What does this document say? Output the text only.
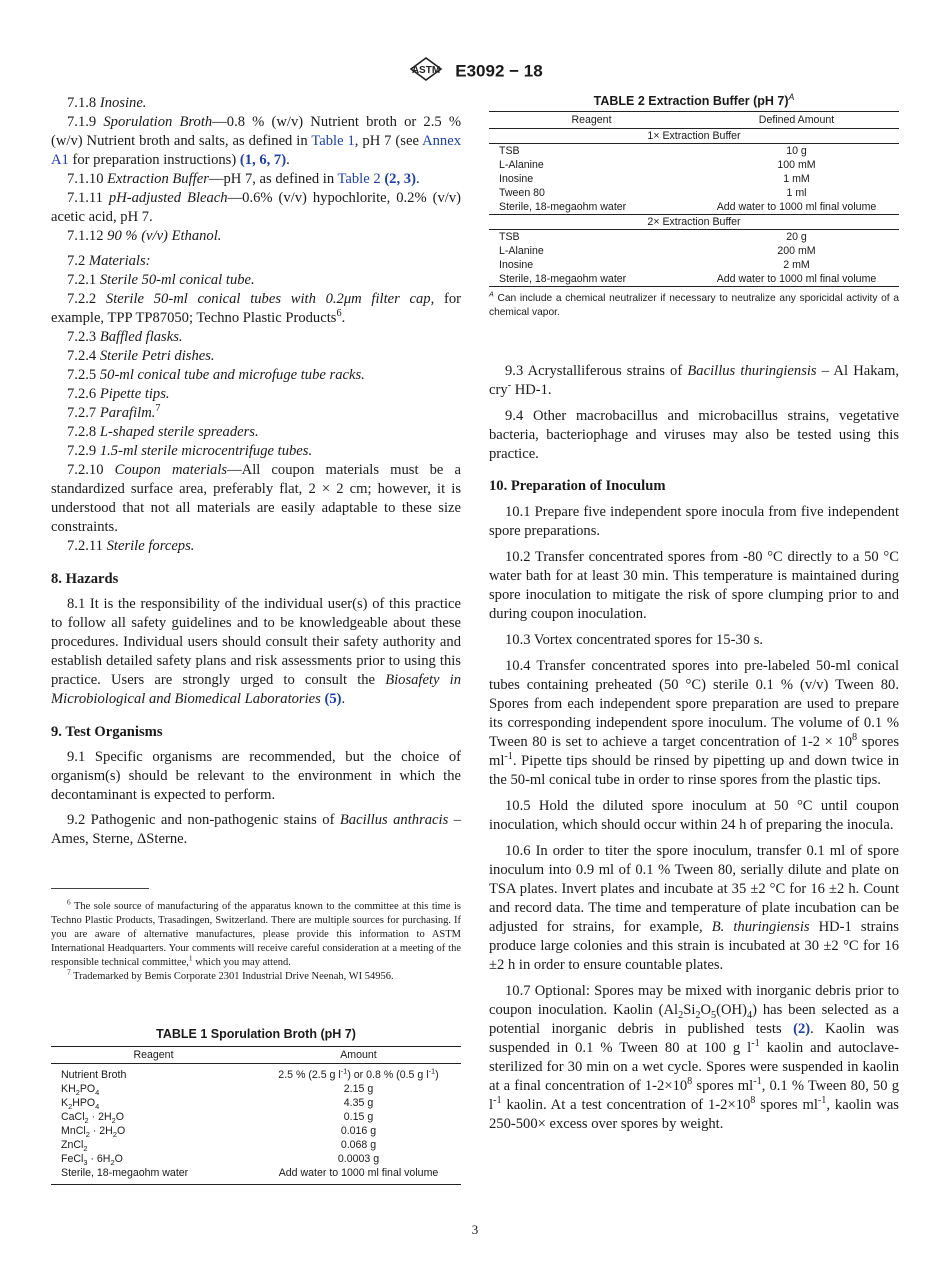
ASTM E3092 − 18

7.1.8 Inosine.

7.1.9 Sporulation Broth—0.8 % (w/v) Nutrient broth or 2.5 % (w/v) Nutrient broth and salts, as defined in Table 1, pH 7 (see Annex A1 for preparation instructions) (1, 6, 7).

7.1.10 Extraction Buffer—pH 7, as defined in Table 2 (2, 3).

7.1.11 pH-adjusted Bleach—0.6% (v/v) hypochlorite, 0.2% (v/v) acetic acid, pH 7.

7.1.12 90 % (v/v) Ethanol.

7.2 Materials:

7.2.1 Sterile 50-ml conical tube.

7.2.2 Sterile 50-ml conical tubes with 0.2μm filter cap, for example, TPP TP87050; Techno Plastic Products$^6$.

7.2.3 Baffled flasks.

7.2.4 Sterile Petri dishes.

7.2.5 50-ml conical tube and microfuge tube racks.

7.2.6 Pipette tips.

7.2.7 Parafilm.$^7$

7.2.8 L-shaped sterile spreaders.

7.2.9 1.5-ml sterile microcentrifuge tubes.

7.2.10 Coupon materials—All coupon materials must be a standardized surface area, preferably flat, 2 × 2 cm; however, it is understood that not all materials are easily adaptable to these size constraints.

7.2.11 Sterile forceps.

8. Hazards

8.1 It is the responsibility of the individual user(s) of this practice to follow all safety guidelines and to be knowledgeable about these procedures. Individual users should consult their safety authority and establish detailed safety plans and risk assessments prior to using this practice. Users are strongly urged to consult the Biosafety in Microbiological and Biomedical Laboratories (5).

9. Test Organisms

9.1 Specific organisms are recommended, but the choice of organism(s) should be relevant to the environment in which the decontaminant is expected to perform.

9.2 Pathogenic and non-pathogenic stains of Bacillus anthracis – Ames, Sterne, ΔSterne.

$^6$ The sole source of manufacturing of the apparatus known to the committee at this time is Techno Plastic Products, Trasadingen, Switzerland. There are multiple sources for purchasing. If you are aware of alternative manufactures, please provide this information to ASTM International Headquarters. Your comments will receive careful consideration at a meeting of the responsible technical committee,$^1$ which you may attend.

$^7$ Trademarked by Bemis Corporate 2301 Industrial Drive Neenah, WI 54956.

TABLE 1 Sporulation Broth (pH 7)
Reagent	Amount
Nutrient Broth	2.5 % (2.5 g $l^{-1}$) or 0.8 % (0.5 g $l^{-1}$)
$KH_2PO_4$	2.15 g
$K_2HPO_4$	4.35 g
CaCl$_2$ · $2H_2O$	0.15 g
MnCl$_2$ · $2H_2O$	0.016 g
ZnCl$_2$	0.068 g
FeCl$_3$ · $6H_2O$	0.0003 g
Sterile, 18-megaohm water	Add water to 1000 ml final volume

TABLE 2 Extraction Buffer (pH 7)$^A$
Reagent	Defined Amount
1× Extraction Buffer	
TSB	10 g
L-Alanine	100 mM
Inosine	1 mM
Tween 80	1 ml
Sterile, 18-megaohm water	Add water to 1000 ml final volume
2× Extraction Buffer	
TSB	20 g
L-Alanine	200 mM
Inosine	2 mM
Sterile, 18-megaohm water	Add water to 1000 ml final volume
$^A$ Can include a chemical neutralizer if necessary to neutralize any sporicidal activity of a chemical vapor.

9.3 Acrystalliferous strains of Bacillus thuringiensis – Al Hakam, cry- HD-1.

9.4 Other macrobacillus and microbacillus strains, vegetative bacteria, bacteriophage and viruses may also be tested using this practice.

10. Preparation of Inoculum

10.1 Prepare five independent spore inocula from five independent spore preparations.

10.2 Transfer concentrated spores from -80 °C directly to a 50 °C water bath for at least 30 min. This temperature is maintained during spore inoculation to mitigate the risk of spore clumping prior to and during coupon inoculation.

10.3 Vortex concentrated spores for 15-30 s.

10.4 Transfer concentrated spores into pre-labeled 50-ml conical tubes containing preheated (50 °C) sterile 0.1 % (v/v) Tween 80. Spores from each independent spore preparation are used to prepare its corresponding independent spore inoculum. The volume of 0.1 % Tween 80 is set to achieve a target concentration of $1-2 \times 10^8$ spores $ml^{-1}$. Pipette tips should be rinsed by pipetting up and down twice in the 50-ml conical tube in order to rinse spores from the plastic tips.

10.5 Hold the diluted spore inoculum at 50 °C until coupon inoculation, which should occur within 24 h of preparing the inocula.

10.6 In order to titer the spore inoculum, transfer 0.1 ml of spore inoculum into 0.9 ml of 0.1 % Tween 80, serially dilute and plate on TSA plates. Invert plates and incubate at 35 ±2 °C for 16 ±2 h. Count and record data. The time and temperature of plate incubation can be adjusted for strains, for example, B. thuringiensis HD-1 strains produce large colonies and this strain is incubated at 30 ±2 °C for 16 ±2 h in order to ensure countable plates.

10.7 Optional: Spores may be mixed with inorganic debris prior to coupon inoculation. Kaolin $(Al_2Si_2O_5(OH)_4)$ has been selected as a potential inorganic debris in published tests (2). Kaolin was suspended in 0.1 % Tween 80 at 100 g $l^{-1}$ kaolin and autoclave-sterilized for 30 min on a wet cycle. Spores were suspended in kaolin at a final concentration of $1-2\times 10^8$ spores $ml^{-1}$, 0.1 % Tween 80, 50 g $l^{-1}$ kaolin. At a test concentration of $1-2\times 10^8$ spores $ml^{-1}$, kaolin was 250-500× excess over spores by weight.

3
